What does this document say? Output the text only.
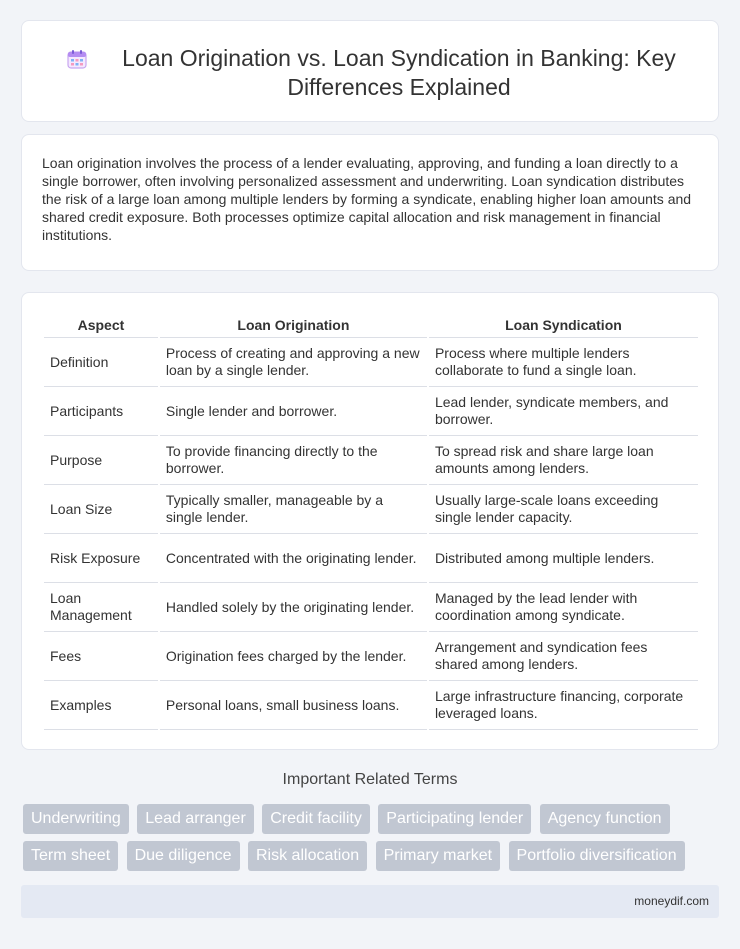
Loan Origination vs. Loan Syndication in Banking: Key Differences Explained

Loan origination involves the process of a lender evaluating, approving, and funding a loan directly to a single borrower, often involving personalized assessment and underwriting. Loan syndication distributes the risk of a large loan among multiple lenders by forming a syndicate, enabling higher loan amounts and shared credit exposure. Both processes optimize capital allocation and risk management in financial institutions.

Aspect	Loan Origination	Loan Syndication
Definition	Process of creating and approving a new loan by a single lender.	Process where multiple lenders collaborate to fund a single loan.
Participants	Single lender and borrower.	Lead lender, syndicate members, and borrower.
Purpose	To provide financing directly to the borrower.	To spread risk and share large loan amounts among lenders.
Loan Size	Typically smaller, manageable by a single lender.	Usually large-scale loans exceeding single lender capacity.
Risk Exposure	Concentrated with the originating lender.	Distributed among multiple lenders.
Loan Management	Handled solely by the originating lender.	Managed by the lead lender with coordination among syndicate.
Fees	Origination fees charged by the lender.	Arrangement and syndication fees shared among lenders.
Examples	Personal loans, small business loans.	Large infrastructure financing, corporate leveraged loans.
Important Related Terms
Underwriting Lead arranger Credit facility Participating lender Agency function Term sheet Due diligence Risk allocation Primary market Portfolio diversification
moneydif.com
